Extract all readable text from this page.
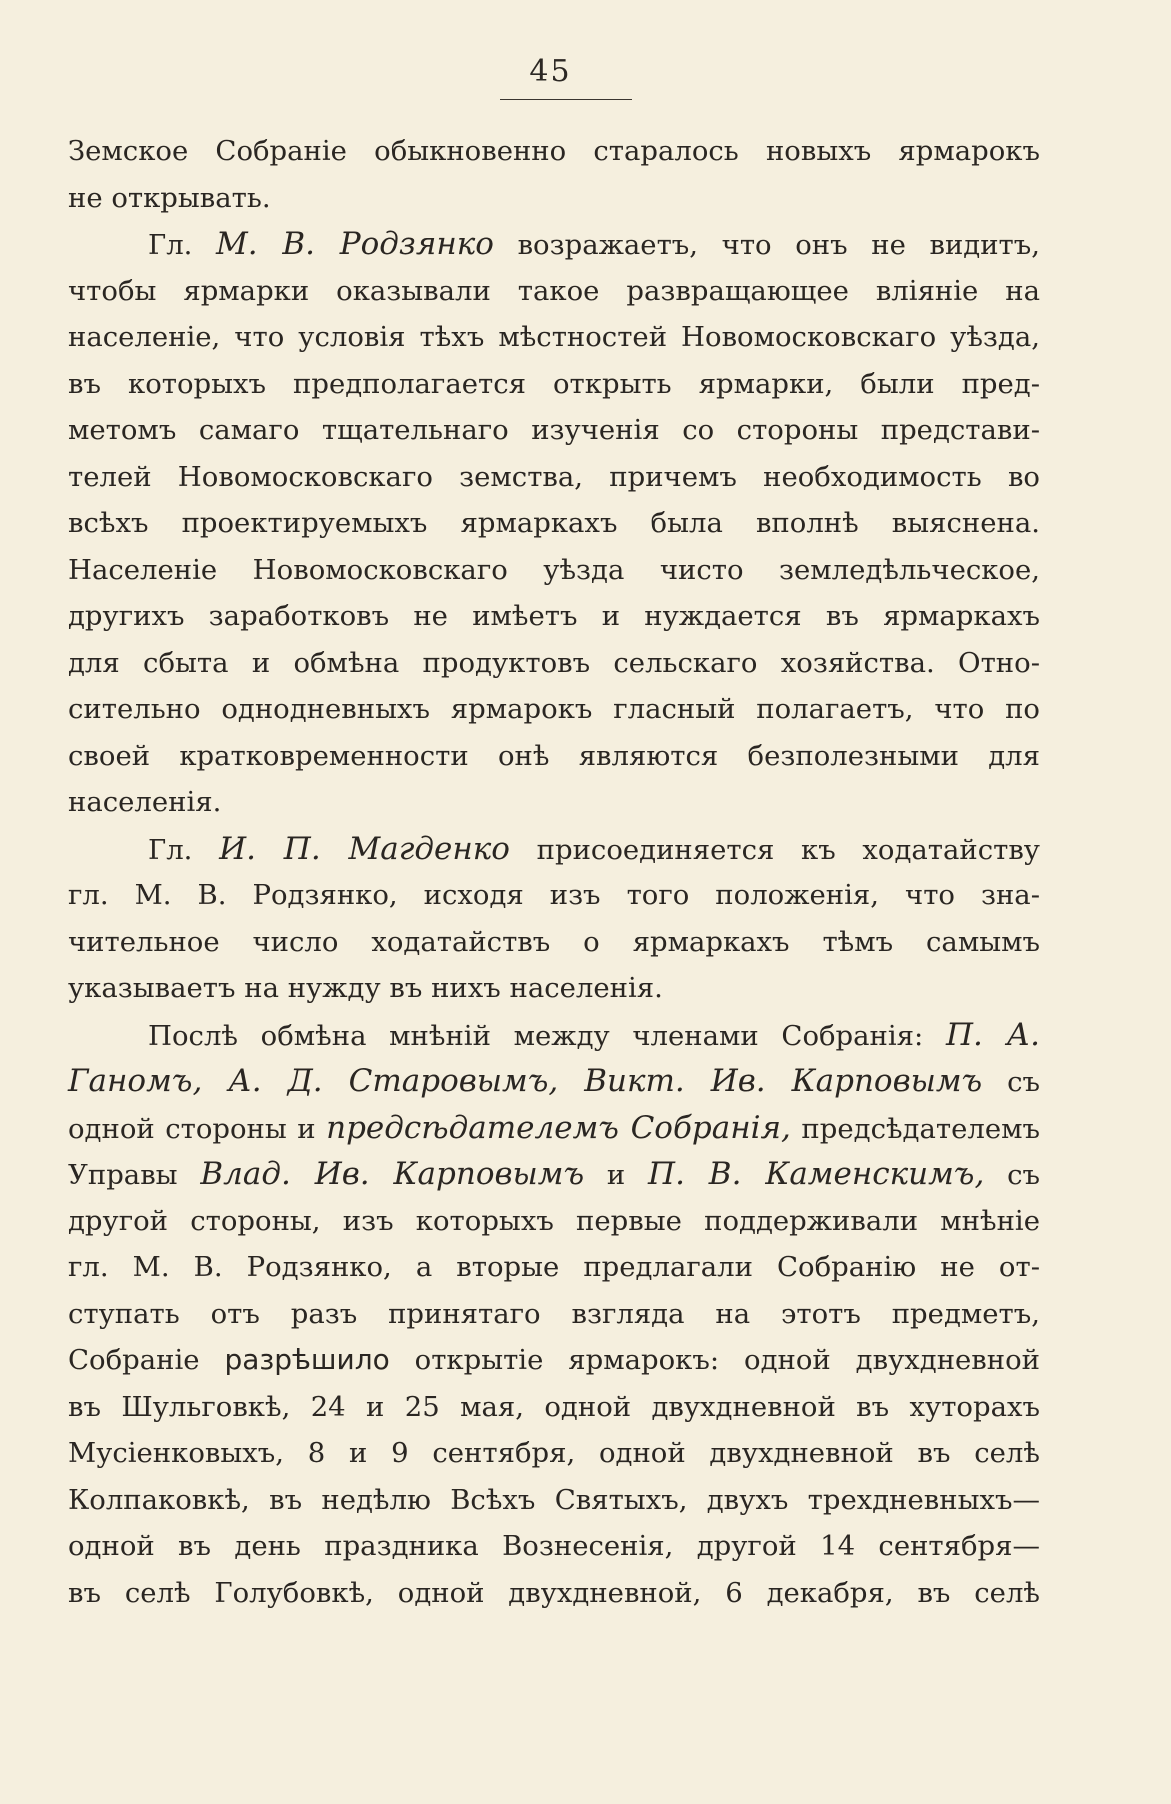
45
Земское Собраніе обыкновенно старалось новыхъ ярмарокъ
не открывать.
Гл. М. В. Родзянко возражаетъ, что онъ не видитъ,
чтобы ярмарки оказывали такое развращающее вліяніе на
населеніе, что условія тѣхъ мѣстностей Новомосковскаго уѣзда,
въ которыхъ предполагается открыть ярмарки, были пред-
метомъ самаго тщательнаго изученія со стороны представи-
телей Новомосковскаго земства, причемъ необходимость во
всѣхъ проектируемыхъ ярмаркахъ была вполнѣ выяснена.
Населеніе Новомосковскаго уѣзда чисто земледѣльческое,
другихъ заработковъ не имѣетъ и нуждается въ ярмаркахъ
для сбыта и обмѣна продуктовъ сельскаго хозяйства. Отно-
сительно однодневныхъ ярмарокъ гласный полагаетъ, что по
своей кратковременности онѣ являются безполезными для
населенія.
Гл. И. П. Магденко присоединяется къ ходатайству
гл. М. В. Родзянко, исходя изъ того положенія, что зна-
чительное число ходатайствъ о ярмаркахъ тѣмъ самымъ
указываетъ на нужду въ нихъ населенія.
Послѣ обмѣна мнѣній между членами Собранія: П. А.
Ганомъ, А. Д. Старовымъ, Викт. Ив. Карповымъ съ
одной стороны и предсѣдателемъ Собранія, предсѣдателемъ
Управы Влад. Ив. Карповымъ и П. В. Каменскимъ, съ
другой стороны, изъ которыхъ первые поддерживали мнѣніе
гл. М. В. Родзянко, а вторые предлагали Собранію не от-
ступать отъ разъ принятаго взгляда на этотъ предметъ,
Собраніе разрѣшило открытіе ярмарокъ: одной двухдневной
въ Шульговкѣ, 24 и 25 мая, одной двухдневной въ хуторахъ
Мусіенковыхъ, 8 и 9 сентября, одной двухдневной въ селѣ
Колпаковкѣ, въ недѣлю Всѣхъ Святыхъ, двухъ трехдневныхъ—
одной въ день праздника Вознесенія, другой 14 сентября—
въ селѣ Голубовкѣ, одной двухдневной, 6 декабря, въ селѣ
